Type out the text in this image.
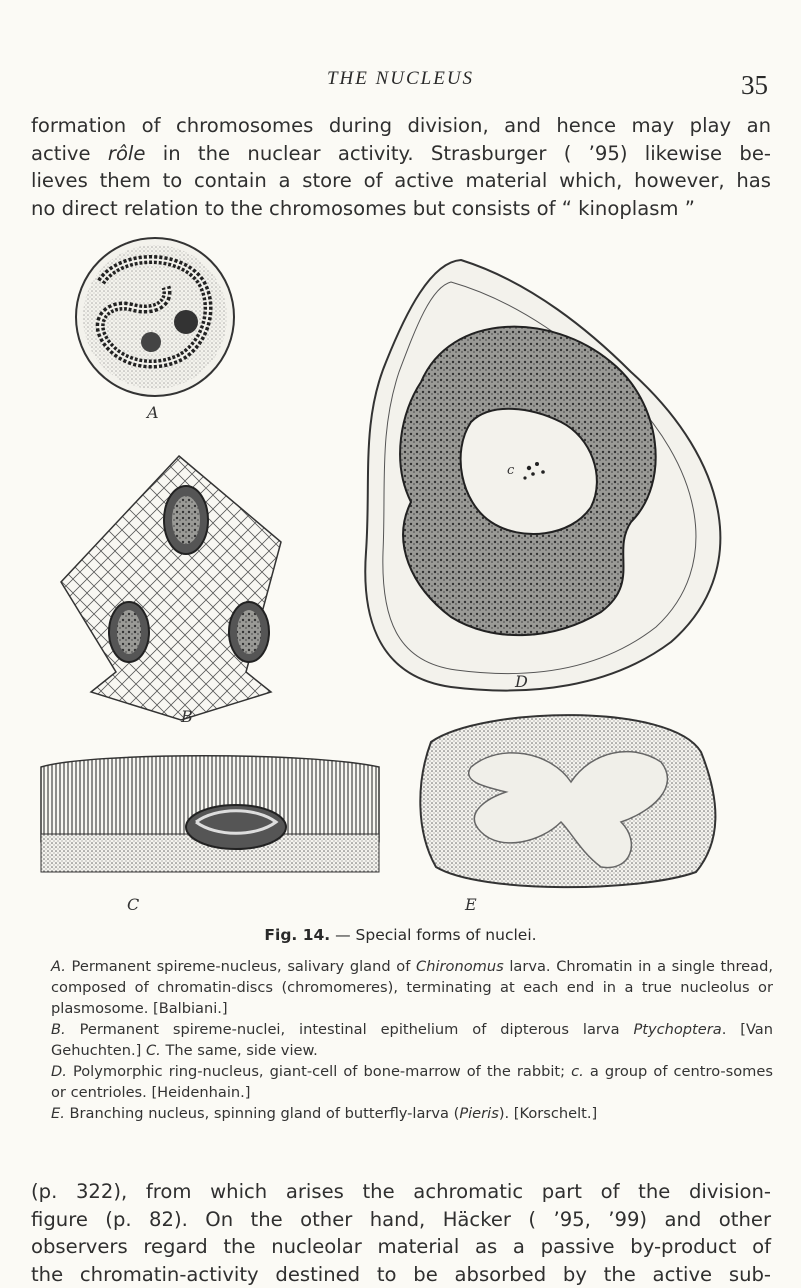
THE NUCLEUS	35
formation of chromosomes during division, and hence may play an
active rôle in the nuclear activity. Strasburger ( ’95) likewise be-
lieves them to contain a store of active material which, however, has
no direct relation to the chromosomes but consists of “ kinoplasm ”
A
B
c
D
C	E
Fig. 14. — Special forms of nuclei.

A. Permanent spireme-nucleus, salivary gland of Chironomus larva. Chromatin in a single thread, composed of chromatin-discs (chromomeres), terminating at each end in a true nucleolus or plasmosome. [Balbiani.]

B. Permanent spireme-nuclei, intestinal epithelium of dipterous larva Ptychoptera. [Van Gehuchten.] C. The same, side view.

D. Polymorphic ring-nucleus, giant-cell of bone-marrow of the rabbit; c. a group of centro-somes or centrioles. [Heidenhain.]

E. Branching nucleus, spinning gland of butterfly-larva (Pieris). [Korschelt.]

(p. 322), from which arises the achromatic part of the division-
figure (p. 82). On the other hand, Häcker ( ’95, ’99) and other
observers regard the nucleolar material as a passive by-product of
the chromatin-activity destined to be absorbed by the active sub-
